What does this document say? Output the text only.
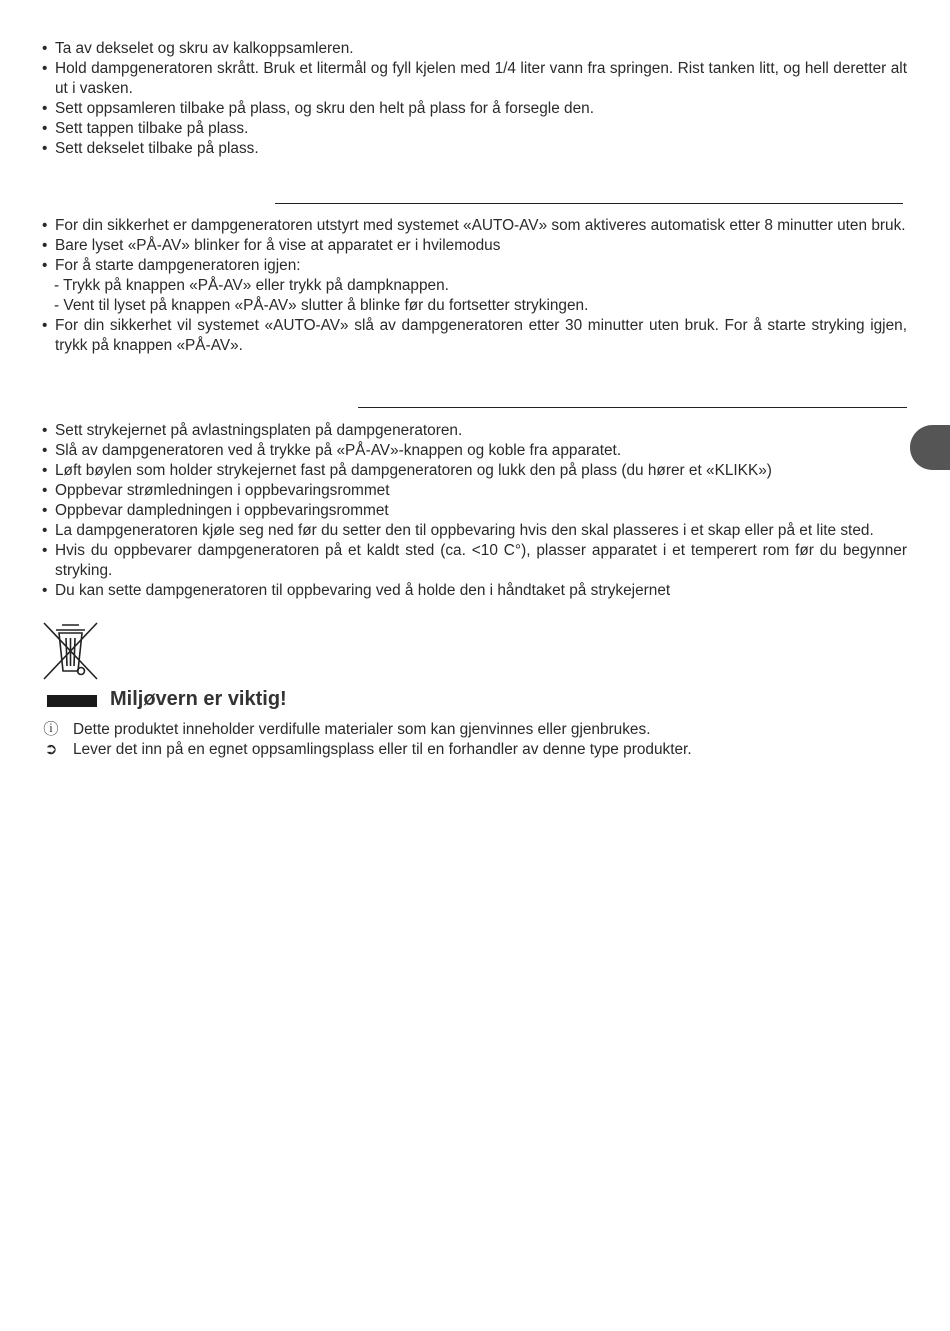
• Ta av dekselet og skru av kalkoppsamleren.
• Hold dampgeneratoren skrått. Bruk et litermål og fyll kjelen med 1/4 liter vann fra springen. Rist tanken litt, og hell deretter alt ut i vasken.
• Sett oppsamleren tilbake på plass, og skru den helt på plass for å forsegle den.
• Sett tappen tilbake på plass.
• Sett dekselet tilbake på plass.
• For din sikkerhet er dampgeneratoren utstyrt med systemet «AUTO-AV» som aktiveres automatisk etter 8 minutter uten bruk.
• Bare lyset «PÅ-AV» blinker for å vise at apparatet er i hvilemodus
• For å starte dampgeneratoren igjen:
- Trykk på knappen «PÅ-AV» eller trykk på dampknappen.
- Vent til lyset på knappen «PÅ-AV» slutter å blinke før du fortsetter strykingen.
• For din sikkerhet vil systemet «AUTO-AV» slå av dampgeneratoren etter 30 minutter uten bruk. For å starte stryking igjen, trykk på knappen «PÅ-AV».
• Sett strykejernet på avlastningsplaten på dampgeneratoren.
• Slå av dampgeneratoren ved å trykke på «PÅ-AV»-knappen og koble fra apparatet.
• Løft bøylen som holder strykejernet fast på dampgeneratoren og lukk den på plass (du hører et «KLIKK»)
• Oppbevar strømledningen i oppbevaringsrommet
• Oppbevar dampledningen i oppbevaringsrommet
• La dampgeneratoren kjøle seg ned før du setter den til oppbevaring hvis den skal plasseres i et skap eller på et lite sted.
• Hvis du oppbevarer dampgeneratoren på et kaldt sted (ca. <10 C°), plasser apparatet i et temperert rom før du begynner stryking.
• Du kan sette dampgeneratoren til oppbevaring ved å holde den i håndtaket på strykejernet
Miljøvern er viktig!
ⓘ Dette produktet inneholder verdifulle materialer som kan gjenvinnes eller gjenbrukes.
➲ Lever det inn på en egnet oppsamlingsplass eller til en forhandler av denne type produkter.
